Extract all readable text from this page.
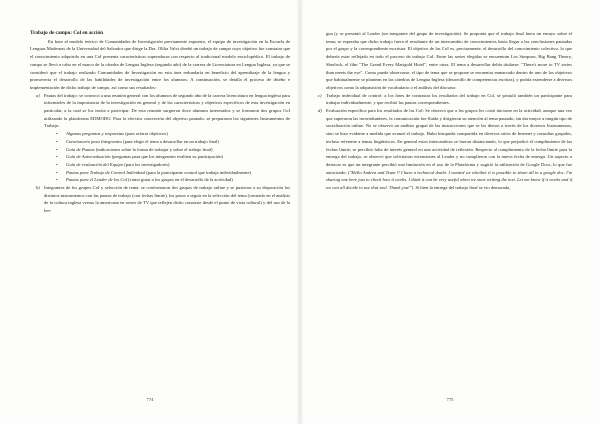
Trabajo de campo: Col en acción

En base al modelo teórico de Comunidades de Investigación previamente expuesto, el equipo de investigación en la Escuela de Lenguas Modernas de la Universidad del Salvador que dirige la Dra. Olilia Valvi diseñó un trabajo de campo cuyo objetivo fue constatar que el conocimiento adquirido en una CoI presenta características superadoras con respecto al tradicional modelo enciclopédico. El trabajo de campo se llevó a cabo en el marco de la cátedra de Lengua Inglesa (segundo año) de la carrera de Licenciatura en Lengua Inglesa, ya que se consideró que el trabajo realizado Comunidades de Investigación en esta área redundaría en beneficio del aprendizaje de la lengua y promovería el desarrollo de las habilidades de investigación entre los alumnos. A continuación, se detalla el proceso de diseño e implementación de dicho trabajo de campo, así como sus resultados:

a) Pautas del trabajo: se convocó a una reunión general con los alumnos de segundo año de la carrera licenciatura en lengua inglesa para informarles de la importancia de la investigación en general y de las características y objetivos específicos de esta investigación en particular, a la cual se los invita a participar. De esta reunión surgieron doce alumnos interesados y se formaron dos grupos CoI utilizando la plataforma EDMODO. Para la efectiva concreción del objetivo pautado, se prepararon los siguientes Instrumentos de Trabajo:

•	Algunas preguntas y respuestas (para aclarar objetivos)
•	Cuestionario para Integrantes (para elegir el tema a desarrollar en un trabajo final)
•	Guía de Pautas (indicaciones sobre la forma de trabajar y sobre el trabajo final)
•	Guía de Autoevaluación (preguntas para que los integrantes evalúen su participación)
•	Guía de evaluación del Equipo (para los investigadores)
•	Pautas para Trabajo de Control Individual (para la participante control que trabaja individualmente)
•	Pautas para el Leader de los Col (cómo guiar a los grupos en el desarrollo de la actividad)
b) Integrantes de los grupos CoI y selección de tema: se conformaron dos grupos de trabajo online y se pusieron a su disposición los distintos instrumentos con las pautas de trabajo (con fechas límite), los pasos a seguir en la selección del tema (centrado en el análisis de la cultura inglesa versus la americana en series de TV que reflejen dicho contraste desde el punto de vista cultural) y del uso de la len-

774

gua (y se presentó al Leader (un integrante del grupo de investigación). Se proponía que el trabajo final fuera un ensayo sobre el tema; se esperaba que dicho trabajo fuera el resultante de un intercambio de conocimientos hasta llegar a las conclusiones pautadas por el grupo y la correspondiente escritura. El objetivo de las CoI es, precisamente, el desarrollo del conocimiento colectivo, lo que debería estar reflejado en todo el proceso de trabajo CoI. Entre las series elegidas se encuentran Los Simpson, Big Bang Theory, Sherlock, el film "The Grand Every Marigold Hotel", entre otras. El tema a desarrollar debía titularse: "There's more to TV series than meets the eye". Como puede observarse, el tipo de tema que se propone se encuentra enmarcado dentro de uno de los objetivos que habitualmente se plantean en las cátedras de Lengua Inglesa (desarrollo de competencias escritas), y podría extenderse a diversos objetivos como la adquisición de vocabulario o el análisis del discurso.

c) Trabajo individual de control: a los fines de contrastar los resultados del trabajo en Col, se postuló también un participante para trabajar individualmente, y que recibió las pautas correspondientes.

d) Evaluación específica para los resultados de las CoI: Se observó que a los grupos les costó iniciarse en la actividad, aunque una vez que superaron las incertidumbres, la comunicación fue fluida y dirigieron su atención al tema pautado, sin dar mayor a ningún tipo de socialización online. No se observó un análisis grupal de las instrucciones que se les dieron a través de los diversos Instrumentos, sino se hizo evidente a medida que avanzó el trabajo. Hubo búsqueda compartida en diversos sitios de Internet y consultas grupales, incluso referente a temas lingüísticos. En general estos intercambios se fueron distanciando, lo que perjudicó el cumplimiento de las fechas límite; se percibió falta de interés general en una actividad de reflexión. Respecto al cumplimiento de la fecha límite para la entrega del trabajo, se observó que solicitaron extensiones al Leader y no cumplieron con la nueva fecha de entrega. Un aspecto a destacar es que un integrante percibió una limitación en el uso de la Plataforma y sugirió la utilización de Google Docs, lo que fue autorizado: ("Hello Andrea and Team !! I have a technical doubt. I wanted we whether it is possible to share all in a google doc. I'm sharing one here just to check how it works. I think it can be very useful when we start writing the text. Let me know if it works and if we can all decide to use that tool. Thank you!"). Si bien la entrega del trabajo final se vio demorada,

775
